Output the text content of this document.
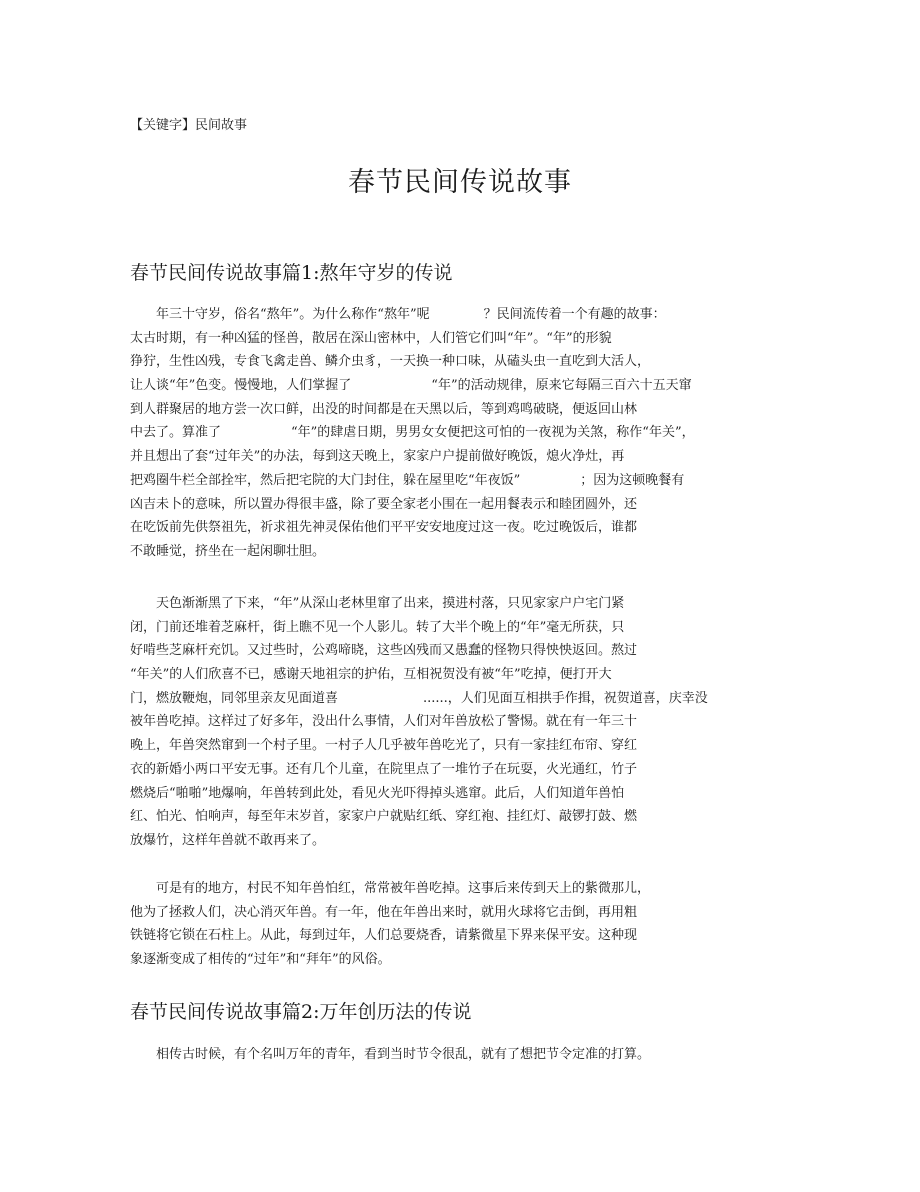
【关键字】民间故事
春节民间传说故事
春节民间传说故事篇1:熬年守岁的传说
　　年三十守岁，俗名“熬年”。为什么称作“熬年”呢	？民间流传着一个有趣的故事：
太古时期，有一种凶猛的怪兽，散居在深山密林中，人们管它们叫“年”。“年”的形貌
狰狞，生性凶残，专食飞禽走兽、鳞介虫豸，一天换一种口味，从磕头虫一直吃到大活人，
让人谈“年”色变。慢慢地，人们掌握了	“年”的活动规律，原来它每隔三百六十五天窜
到人群聚居的地方尝一次口鲜，出没的时间都是在天黑以后，等到鸡鸣破晓，便返回山林
中去了。算准了	“年”的肆虐日期，男男女女便把这可怕的一夜视为关煞，称作“年关”，
并且想出了套“过年关”的办法，每到这天晚上，家家户户提前做好晚饭，熄火净灶，再
把鸡圈牛栏全部拴牢，然后把宅院的大门封住，躲在屋里吃“年夜饭”	；因为这顿晚餐有
凶吉未卜的意味，所以置办得很丰盛，除了要全家老小围在一起用餐表示和睦团圆外，还
在吃饭前先供祭祖先，祈求祖先神灵保佑他们平平安安地度过这一夜。吃过晚饭后，谁都
不敢睡觉，挤坐在一起闲聊壮胆。
　　天色渐渐黑了下来，“年”从深山老林里窜了出来，摸进村落，只见家家户户宅门紧
闭，门前还堆着芝麻杆，街上瞧不见一个人影儿。转了大半个晚上的“年”毫无所获，只
好啃些芝麻杆充饥。又过些时，公鸡啼晓，这些凶残而又愚蠢的怪物只得怏怏返回。熬过
“年关”的人们欣喜不已，感谢天地祖宗的护佑，互相祝贺没有被“年”吃掉，便打开大
门，燃放鞭炮，同邻里亲友见面道喜	......，人们见面互相拱手作揖，祝贺道喜，庆幸没
被年兽吃掉。这样过了好多年，没出什么事情，人们对年兽放松了警惕。就在有一年三十
晚上，年兽突然窜到一个村子里。一村子人几乎被年兽吃光了，只有一家挂红布帘、穿红
衣的新婚小两口平安无事。还有几个儿童，在院里点了一堆竹子在玩耍，火光通红，竹子
燃烧后“啪啪”地爆响，年兽转到此处，看见火光吓得掉头逃窜。此后，人们知道年兽怕
红、怕光、怕响声，每至年末岁首，家家户户就贴红纸、穿红袍、挂红灯、敲锣打鼓、燃
放爆竹，这样年兽就不敢再来了。
　　可是有的地方，村民不知年兽怕红，常常被年兽吃掉。这事后来传到天上的紫微那儿，
他为了拯救人们，决心消灭年兽。有一年，他在年兽出来时，就用火球将它击倒，再用粗
铁链将它锁在石柱上。从此，每到过年，人们总要烧香，请紫微星下界来保平安。这种现
象逐渐变成了相传的“过年”和“拜年”的风俗。
春节民间传说故事篇2:万年创历法的传说
　　相传古时候，有个名叫万年的青年，看到当时节令很乱，就有了想把节令定准的打算。
